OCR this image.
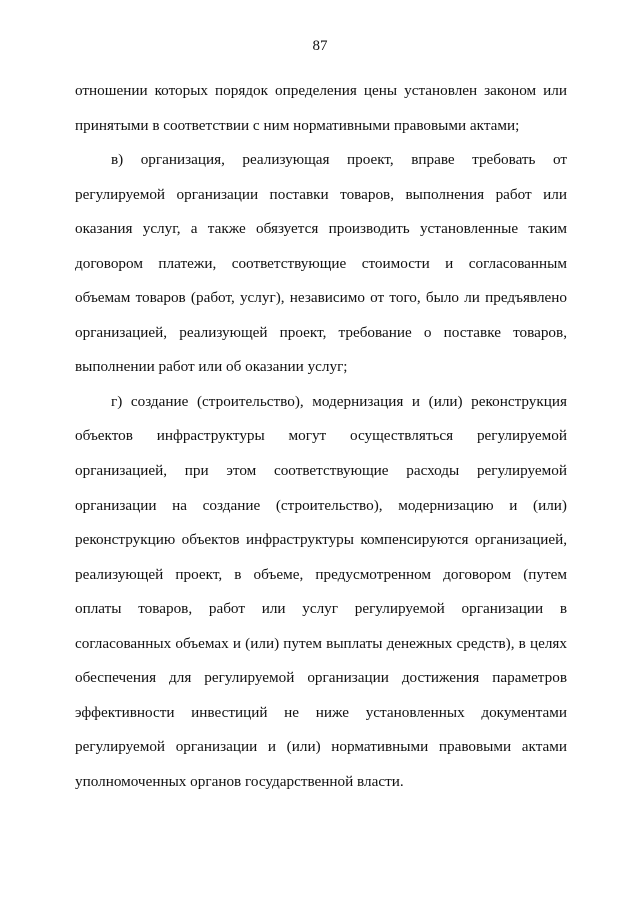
87

отношении которых порядок определения цены установлен законом или принятыми в соответствии с ним нормативными правовыми актами;

в) организация, реализующая проект, вправе требовать от регулируемой организации поставки товаров, выполнения работ или оказания услуг, а также обязуется производить установленные таким договором платежи, соответствующие стоимости и согласованным объемам товаров (работ, услуг), независимо от того, было ли предъявлено организацией, реализующей проект, требование о поставке товаров, выполнении работ или об оказании услуг;

г) создание (строительство), модернизация и (или) реконструкция объектов инфраструктуры могут осуществляться регулируемой организацией, при этом соответствующие расходы регулируемой организации на создание (строительство), модернизацию и (или) реконструкцию объектов инфраструктуры компенсируются организацией, реализующей проект, в объеме, предусмотренном договором (путем оплаты товаров, работ или услуг регулируемой организации в согласованных объемах и (или) путем выплаты денежных средств), в целях обеспечения для регулируемой организации достижения параметров эффективности инвестиций не ниже установленных документами регулируемой организации и (или) нормативными правовыми актами уполномоченных органов государственной власти.
